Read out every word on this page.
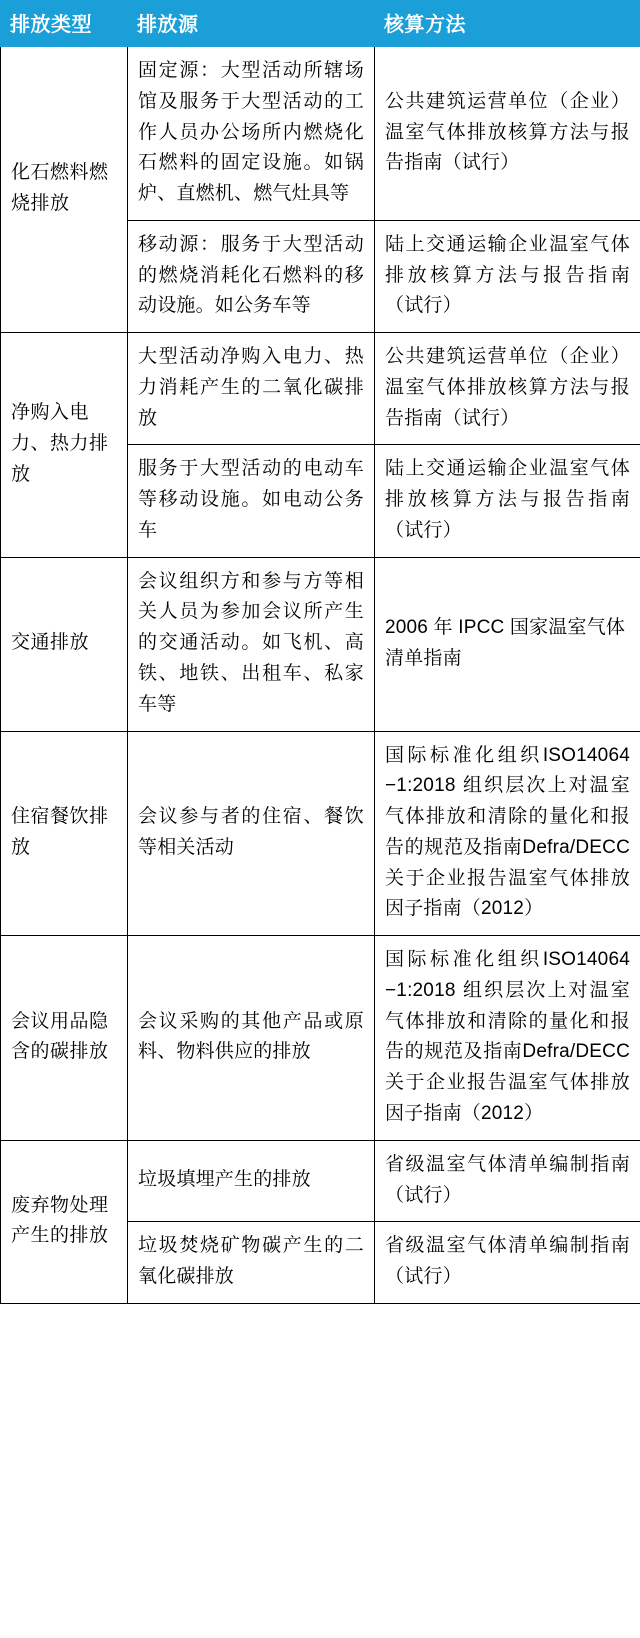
排放类型	排放源	核算方法
化石燃料燃烧排放	固定源：大型活动所辖场馆及服务于大型活动的工作人员办公场所内燃烧化石燃料的固定设施。如锅炉、直燃机、燃气灶具等	公共建筑运营单位（企业）温室气体排放核算方法与报告指南（试行）
	移动源：服务于大型活动的燃烧消耗化石燃料的移动设施。如公务车等	陆上交通运输企业温室气体排放核算方法与报告指南（试行）
净购入电力、热力排放	大型活动净购入电力、热力消耗产生的二氧化碳排放	公共建筑运营单位（企业）温室气体排放核算方法与报告指南（试行）
	服务于大型活动的电动车等移动设施。如电动公务车	陆上交通运输企业温室气体排放核算方法与报告指南（试行）
交通排放	会议组织方和参与方等相关人员为参加会议所产生的交通活动。如飞机、高铁、地铁、出租车、私家车等	2006 年 IPCC 国家温室气体清单指南
住宿餐饮排放	会议参与者的住宿、餐饮等相关活动	国际标准化组织ISO14064−1:2018 组织层次上对温室气体排放和清除的量化和报告的规范及指南Defra/DECC 关于企业报告温室气体排放因子指南（2012）
会议用品隐含的碳排放	会议采购的其他产品或原料、物料供应的排放	国际标准化组织ISO14064−1:2018 组织层次上对温室气体排放和清除的量化和报告的规范及指南Defra/DECC 关于企业报告温室气体排放因子指南（2012）
废弃物处理产生的排放	垃圾填埋产生的排放	省级温室气体清单编制指南（试行）
	垃圾焚烧矿物碳产生的二氧化碳排放	省级温室气体清单编制指南（试行）
